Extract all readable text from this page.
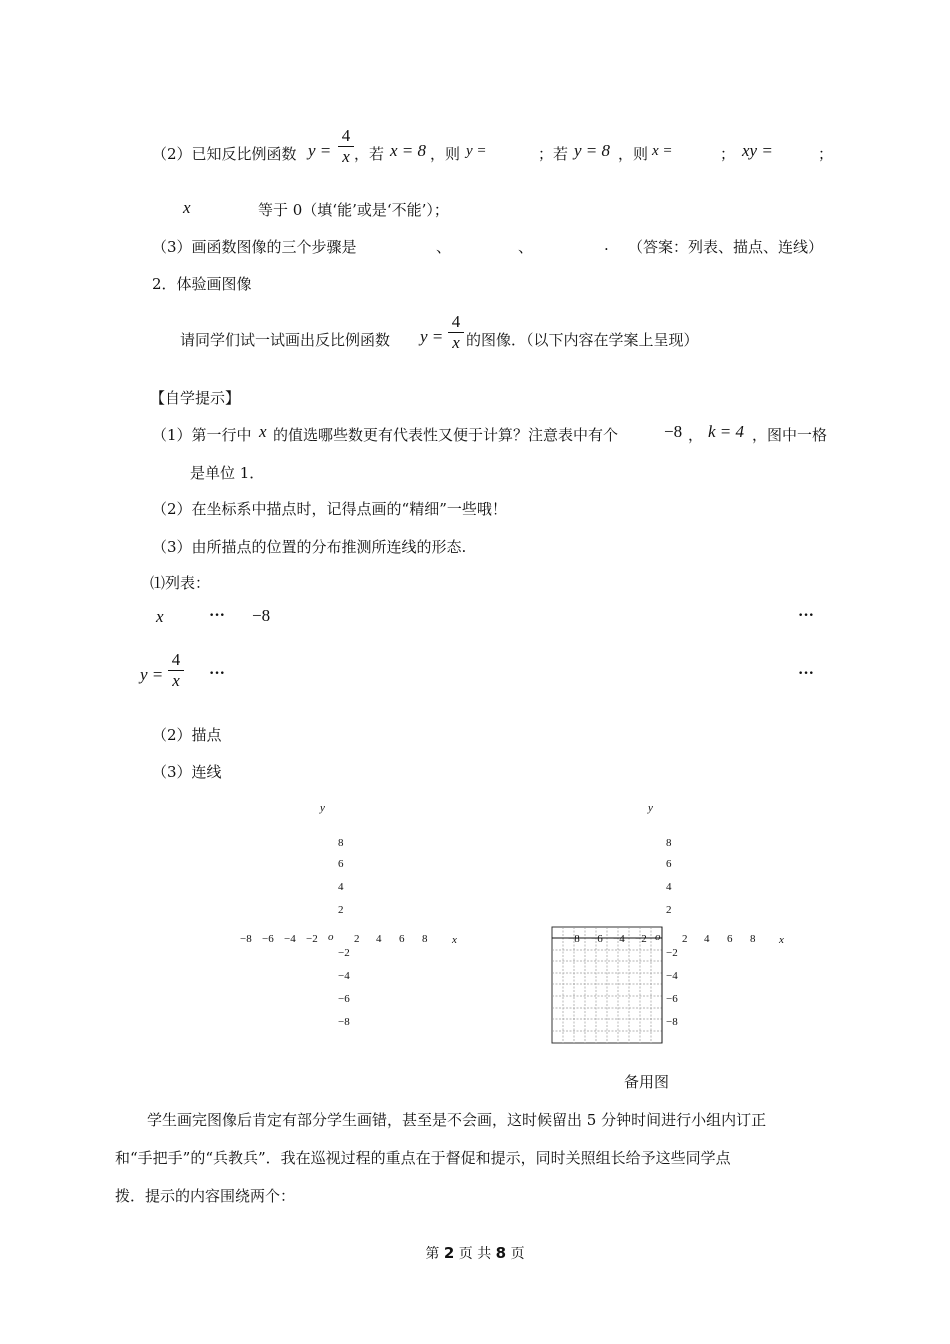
（2）已知反比例函数 y =
4
x ，若 x = 8 ，则 y =	；若 y = 8 ，则 x =	； xy =	；
x	等于 0（填‘能’或是‘不能’）；
（3）画函数图像的三个步骤是	、	、	. （答案：列表、描点、连线）
2．体验画图像
请同学们试一试画出反比例函数 y =
4
x 的图像．（以下内容在学案上呈现）
【自学提示】
（1）第一行中 x 的值选哪些数更有代表性又便于计算？注意表中有个	−8 ， k = 4 ，图中一格
是单位 1．
（2）在坐标系中描点时，记得点画的“精细”一些哦！
（3）由所描点的位置的分布推测所连线的形态.
⑴列表：
x	··· −8	···
y =
4
x ···	···
（2）描点
（3）连线
y
8
6
4
2
−8 −6 −4 −2 o 2 4 6 8 x
−2
−4
−6
−8
y
8
6
4
2
−8 −6 −4 −2 o 2 4 6 8 x
−2
−4
−6
−8
备用图
学生画完图像后肯定有部分学生画错，甚至是不会画，这时候留出 5 分钟时间进行小组内订正
和“手把手”的“兵教兵”．我在巡视过程的重点在于督促和提示，同时关照组长给予这些同学点
拨．提示的内容围绕两个：
第 2 页 共 8 页
